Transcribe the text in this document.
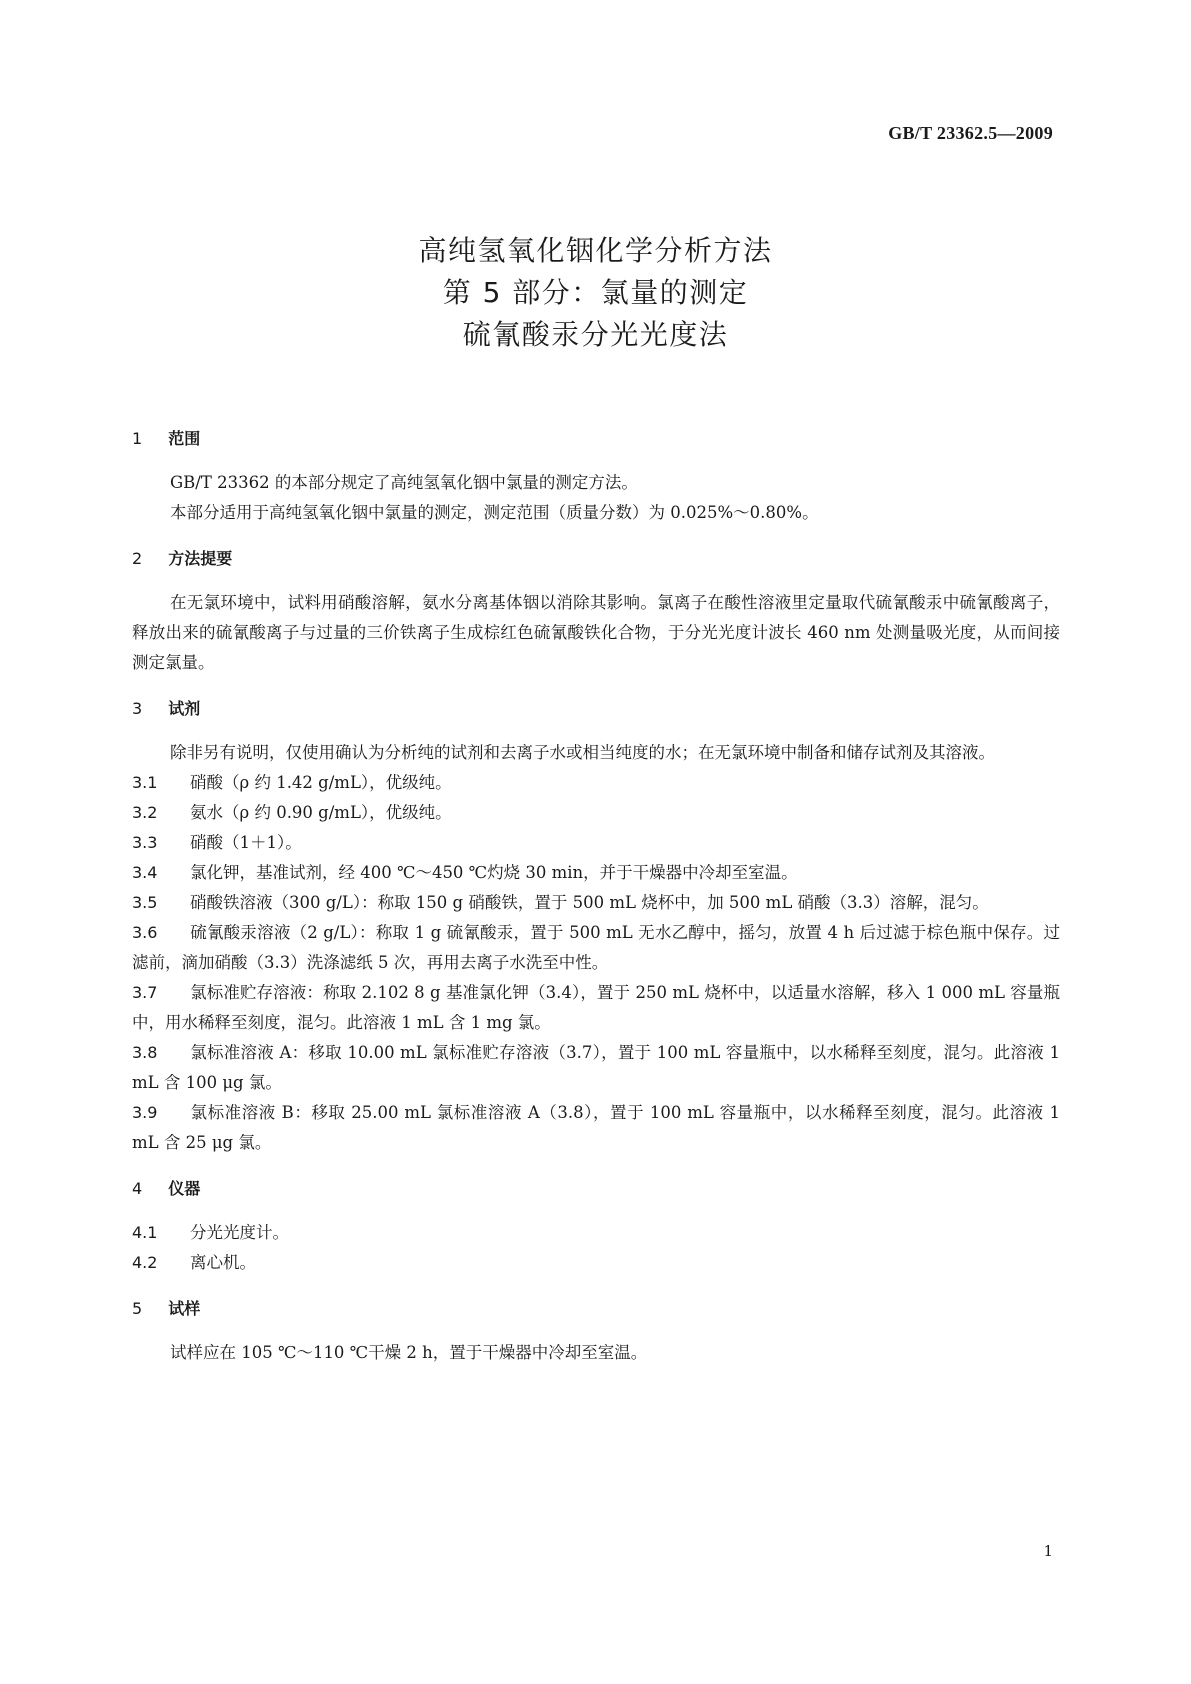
GB/T 23362.5—2009
高纯氢氧化铟化学分析方法
第 5 部分：氯量的测定
硫氰酸汞分光光度法
1 范围

GB/T 23362 的本部分规定了高纯氢氧化铟中氯量的测定方法。

本部分适用于高纯氢氧化铟中氯量的测定，测定范围（质量分数）为 0.025%～0.80%。

2 方法提要

在无氯环境中，试料用硝酸溶解，氨水分离基体铟以消除其影响。氯离子在酸性溶液里定量取代硫氰酸汞中硫氰酸离子，释放出来的硫氰酸离子与过量的三价铁离子生成棕红色硫氰酸铁化合物，于分光光度计波长 460 nm 处测量吸光度，从而间接测定氯量。

3 试剂

除非另有说明，仅使用确认为分析纯的试剂和去离子水或相当纯度的水；在无氯环境中制备和储存试剂及其溶液。

3.1 硝酸（ρ 约 1.42 g/mL），优级纯。
3.2 氨水（ρ 约 0.90 g/mL），优级纯。
3.3 硝酸（1＋1）。
3.4 氯化钾，基准试剂，经 400 ℃～450 ℃灼烧 30 min，并于干燥器中冷却至室温。
3.5 硝酸铁溶液（300 g/L）：称取 150 g 硝酸铁，置于 500 mL 烧杯中，加 500 mL 硝酸（3.3）溶解，混匀。
3.6 硫氰酸汞溶液（2 g/L）：称取 1 g 硫氰酸汞，置于 500 mL 无水乙醇中，摇匀，放置 4 h 后过滤于棕色瓶中保存。过滤前，滴加硝酸（3.3）洗涤滤纸 5 次，再用去离子水洗至中性。
3.7 氯标准贮存溶液：称取 2.102 8 g 基准氯化钾（3.4），置于 250 mL 烧杯中，以适量水溶解，移入 1 000 mL 容量瓶中，用水稀释至刻度，混匀。此溶液 1 mL 含 1 mg 氯。
3.8 氯标准溶液 A：移取 10.00 mL 氯标准贮存溶液（3.7），置于 100 mL 容量瓶中，以水稀释至刻度，混匀。此溶液 1 mL 含 100 μg 氯。
3.9 氯标准溶液 B：移取 25.00 mL 氯标准溶液 A（3.8），置于 100 mL 容量瓶中，以水稀释至刻度，混匀。此溶液 1 mL 含 25 μg 氯。
4 仪器
4.1 分光光度计。
4.2 离心机。
5 试样

试样应在 105 ℃～110 ℃干燥 2 h，置于干燥器中冷却至室温。

1
